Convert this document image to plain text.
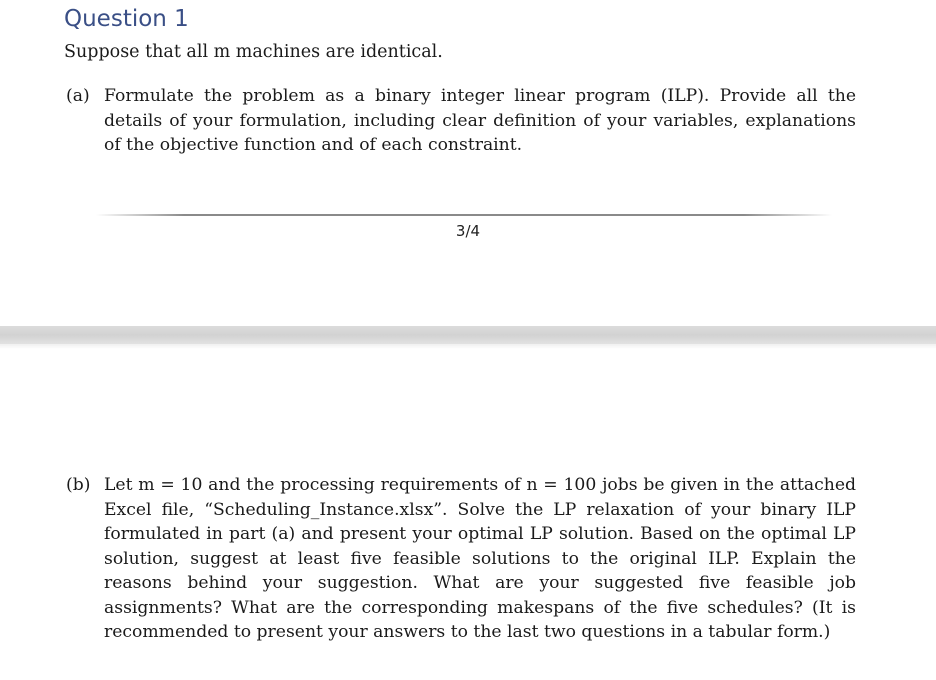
Question 1

Suppose that all m machines are identical.

(a) Formulate the problem as a binary integer linear program (ILP). Provide all the details of your formulation, including clear definition of your variables, explanations of the objective function and of each constraint.

3/4
(b) Let m = 10 and the processing requirements of n = 100 jobs be given in the attached Excel file, “Scheduling_Instance.xlsx”. Solve the LP relaxation of your binary ILP formulated in part (a) and present your optimal LP solution. Based on the optimal LP solution, suggest at least five feasible solutions to the original ILP. Explain the reasons behind your suggestion. What are your suggested five feasible job assignments? What are the corresponding makespans of the five schedules? (It is recommended to present your answers to the last two questions in a tabular form.)
